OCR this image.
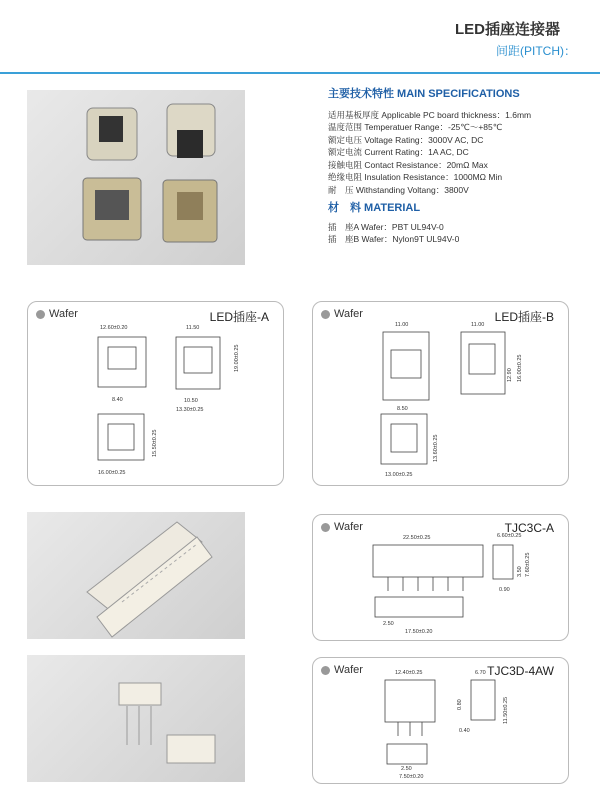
LED插座连接器
间距(PITCH)：
主要技术特性 MAIN SPECIFICATIONS
适用基板厚度 Applicable PC board thickness：1.6mm
温度范围 Temperatuer Range：-25℃～+85℃
额定电压 Voltage Rating：3000V AC, DC
额定电流 Current Rating：1A AC, DC
接触电阻 Contact Resistance：20mΩ Max
绝缘电阻 Insulation Resistance：1000MΩ Min
耐　压 Withstanding Voltang：3800V
材　料 MATERIAL
插　座A Wafer：PBT UL94V-0
插　座B Wafer：Nylon9T UL94V-0
12.60±0.20	11.50
19.00±0.25
8.40	10.50
13.30±0.25
15.50±0.25
16.00±0.25
Wafer	LED插座-A
11.00	11.00
12.90 16.00±0.25
8.50
13.60±0.25
13.00±0.25
Wafer	LED插座-B
22.50±0.25	6.60±0.25
3.50 7.60±0.25
0.90
2.50
17.50±0.20
Wafer	TJC3C-A
12.40±0.25	6.70
0.80	11.50±0.25
0.40
2.50
7.50±0.20
Wafer	TJC3D-4AW
